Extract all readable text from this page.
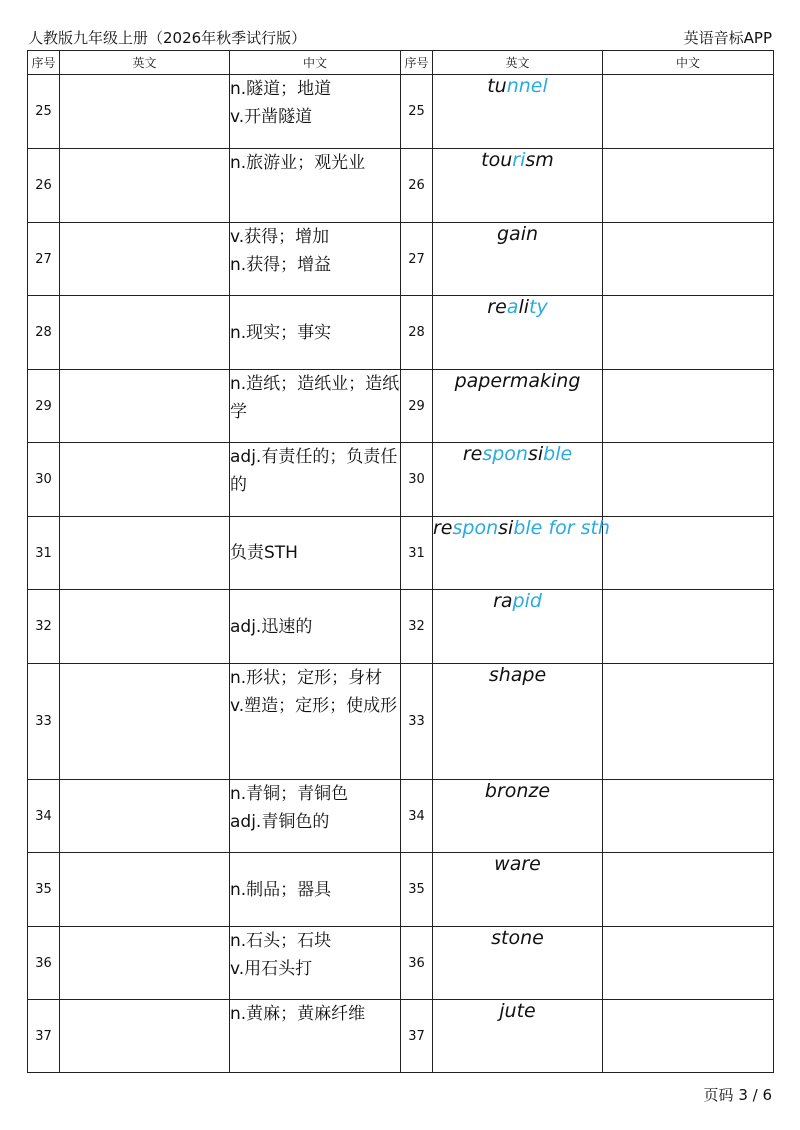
人教版九年级上册（2026年秋季试行版）	英语音标APP
序号	英文	中文	序号	英文	中文
25		n.隧道；地道
v.开凿隧道	25	tunnel	
26		n.旅游业；观光业	26	tourism	
27		v.获得；增加
n.获得；增益	27	gain	
28		n.现实；事实	28	reality	
29		n.造纸；造纸业；造纸学	29	papermaking	
30		adj.有责任的；负责任的	30	responsible	
31		负责STH	31	responsible for sth	
32		adj.迅速的	32	rapid	
33		n.形状；定形；身材
v.塑造；定形；使成形	33	shape	
34		n.青铜；青铜色
adj.青铜色的	34	bronze	
35		n.制品；器具	35	ware	
36		n.石头；石块
v.用石头打	36	stone	
37		n.黄麻；黄麻纤维	37	jute	
页码 3 / 6
